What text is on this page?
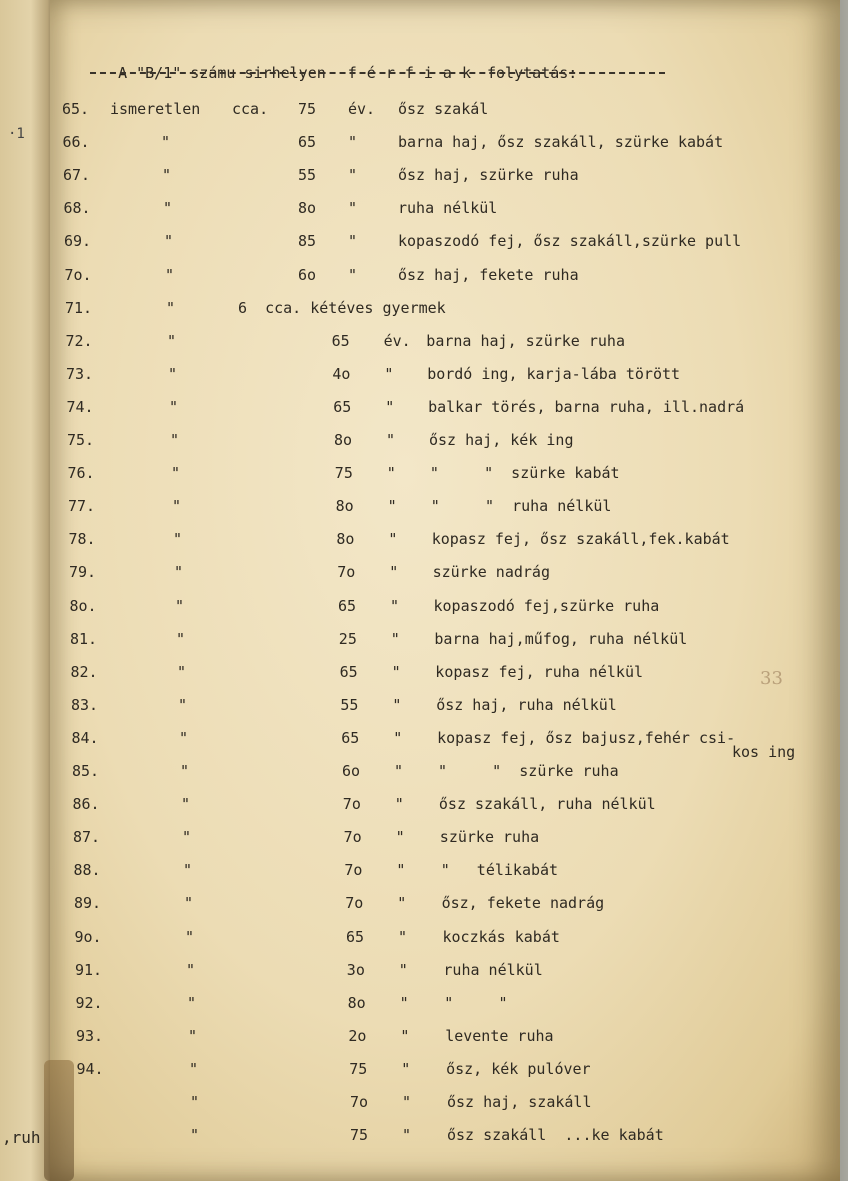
·1
,ruh

A "B/1" számu sirhelyen férfiak folytatás:

33
65. ismeretlen cca. 75 év. ősz szakál
66.	"	65 "	barna haj, ősz szakáll, szürke kabát
67.	"	55 "	ősz haj, szürke ruha
68.	"	8o "	ruha nélkül
69.	"	85 "	kopaszodó fej, ősz szakáll,szürke pull
7o.	"	6o "	ősz haj, fekete ruha
71.	"	6  cca. kétéves gyermek
72.	"	65 év. barna haj, szürke ruha
73.	"	4o " bordó ing, karja-lába törött
74.	"	65 " balkar törés, barna ruha, ill.nadrá
75.	"	8o " ősz haj, kék ing
76.	"	75 " "     "  szürke kabát
77.	"	8o " "     "  ruha nélkül
78.	"	8o " kopasz fej, ősz szakáll,fek.kabát
79.	"	7o " szürke nadrág
8o.	"	65 " kopaszodó fej,szürke ruha
81.	"	25 " barna haj,műfog, ruha nélkül
82.	"	65 " kopasz fej, ruha nélkül
83.	"	55 " ősz haj, ruha nélkül
84.	"	65 " kopasz fej, ősz bajusz,fehér csi-
kos ing
85.	"	6o " "     "  szürke ruha
86.	"	7o " ősz szakáll, ruha nélkül
87.	"	7o " szürke ruha
88.	"	7o " "   télikabát
89.	"	7o " ősz, fekete nadrág
9o.	"	65 " koczkás kabát
91.	"	3o " ruha nélkül
92.	"	8o " "     "
93.	"	2o " levente ruha
94.	"	75 " ősz, kék pulóver
"	7o " ősz haj, szakáll
"	75 " ősz szakáll  ...ke kabát
